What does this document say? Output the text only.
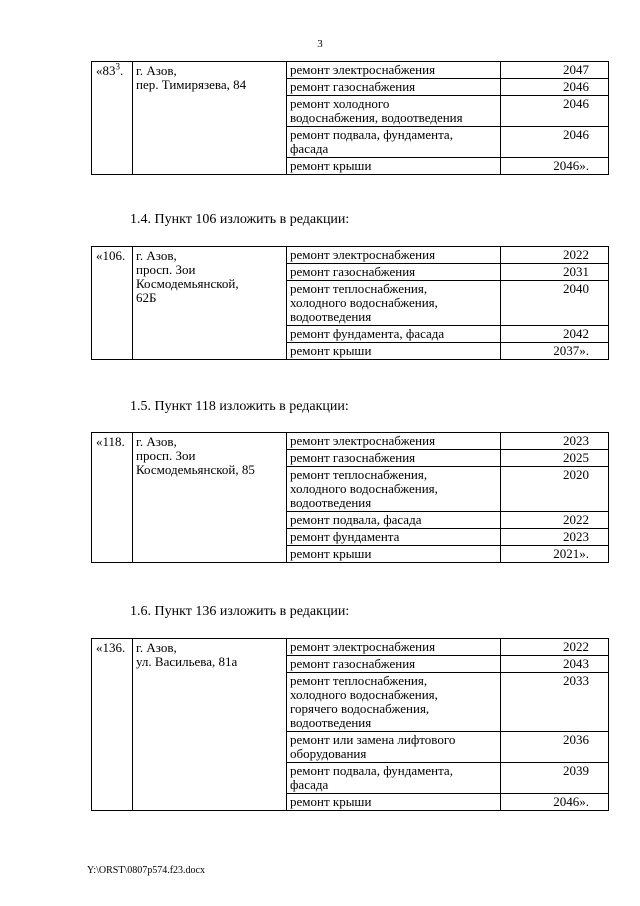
3
«$83^3$.	г. Азов,
пер. Тимирязева, 84	ремонт электроснабжения	2047

		ремонт газоснабжения	2046

		ремонт холодного
водоснабжения, водоотведения	2046

		ремонт подвала, фундамента,
фасада	2046

		ремонт крыши	2046».
1.4. Пункт 106 изложить в редакции:
«106.	г. Азов,
просп. Зои
Космодемьянской,
62Б	ремонт электроснабжения	2022

		ремонт газоснабжения	2031

		ремонт теплоснабжения,
холодного водоснабжения,
водоотведения	2040

		ремонт фундамента, фасада	2042

		ремонт крыши	2037».
1.5. Пункт 118 изложить в редакции:
«118.	г. Азов,
просп. Зои
Космодемьянской, 85	ремонт электроснабжения	2023

		ремонт газоснабжения	2025

		ремонт теплоснабжения,
холодного водоснабжения,
водоотведения	2020

		ремонт подвала, фасада	2022

		ремонт фундамента	2023

		ремонт крыши	2021».
1.6. Пункт 136 изложить в редакции:
«136.	г. Азов,
ул. Васильева, 81а	ремонт электроснабжения	2022

		ремонт газоснабжения	2043

		ремонт теплоснабжения,
холодного водоснабжения,
горячего водоснабжения,
водоотведения	2033

		ремонт или замена лифтового
оборудования	2036

		ремонт подвала, фундамента,
фасада	2039

		ремонт крыши	2046».
Y:\ORST\0807p574.f23.docx
